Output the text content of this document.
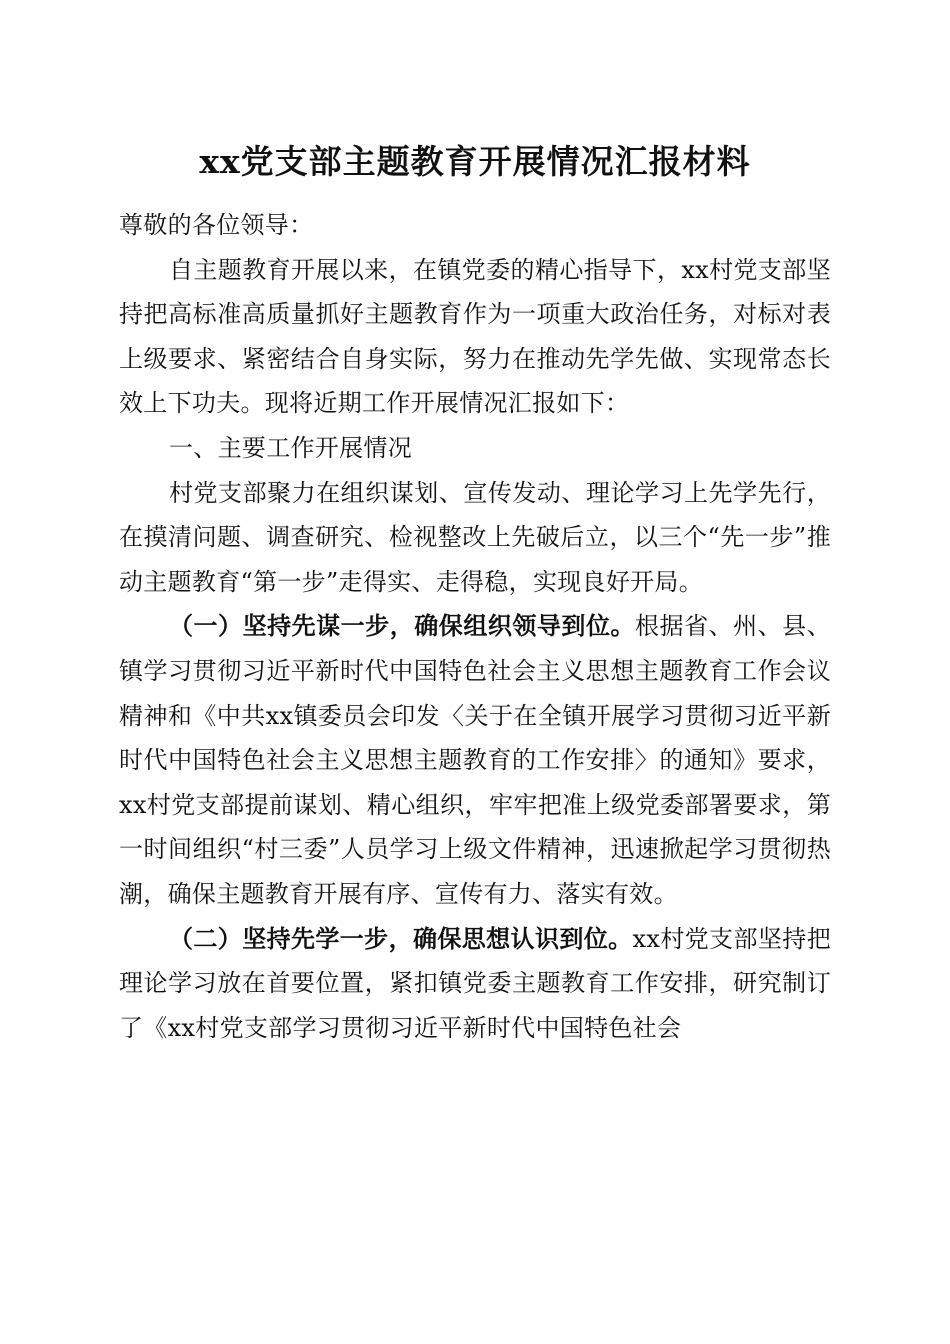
xx党支部主题教育开展情况汇报材料

尊敬的各位领导：

自主题教育开展以来，在镇党委的精心指导下，xx村党支部坚持把高标准高质量抓好主题教育作为一项重大政治任务，对标对表上级要求、紧密结合自身实际，努力在推动先学先做、实现常态长效上下功夫。现将近期工作开展情况汇报如下：

一、主要工作开展情况

村党支部聚力在组织谋划、宣传发动、理论学习上先学先行，在摸清问题、调查研究、检视整改上先破后立，以三个“先一步”推动主题教育“第一步”走得实、走得稳，实现良好开局。

（一）坚持先谋一步，确保组织领导到位。根据省、州、县、镇学习贯彻习近平新时代中国特色社会主义思想主题教育工作会议精神和《中共xx镇委员会印发〈关于在全镇开展学习贯彻习近平新时代中国特色社会主义思想主题教育的工作安排〉的通知》要求，xx村党支部提前谋划、精心组织，牢牢把准上级党委部署要求，第一时间组织“村三委”人员学习上级文件精神，迅速掀起学习贯彻热潮，确保主题教育开展有序、宣传有力、落实有效。

（二）坚持先学一步，确保思想认识到位。xx村党支部坚持把理论学习放在首要位置，紧扣镇党委主题教育工作安排，研究制订了《xx村党支部学习贯彻习近平新时代中国特色社会
